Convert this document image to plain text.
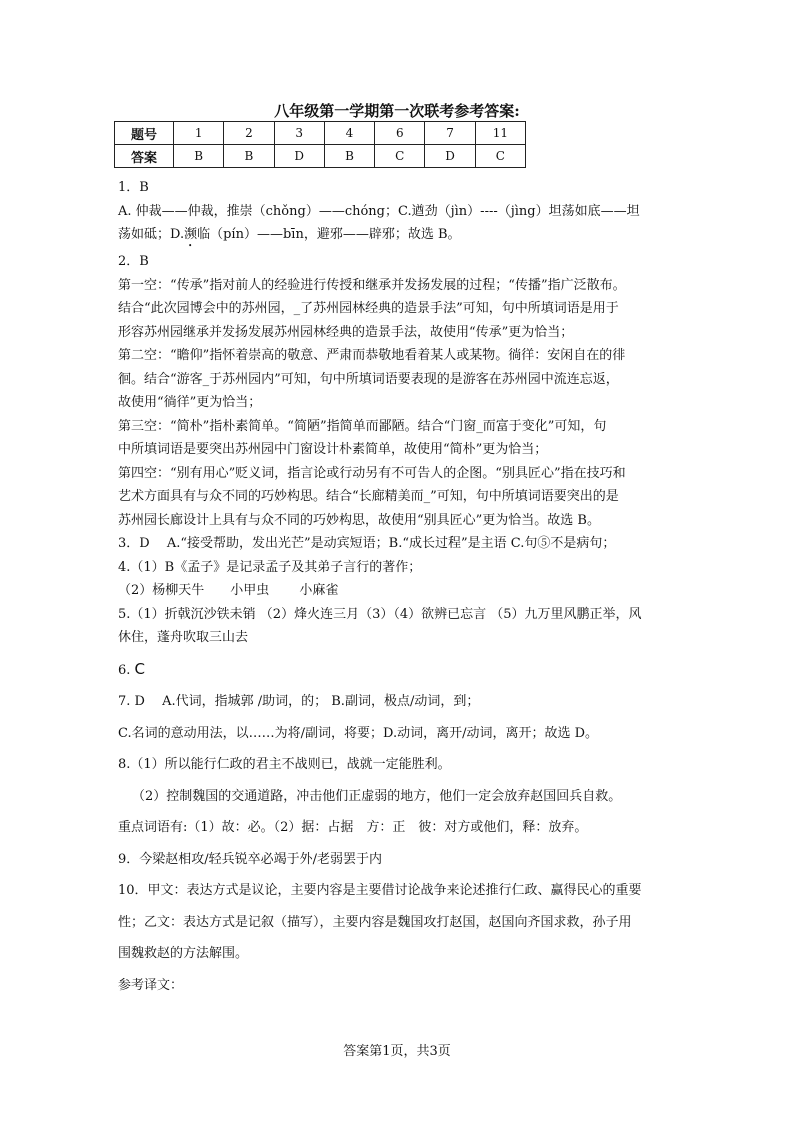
八年级第一学期第一次联考参考答案:
题号	1	2	3	4	6	7	11
答案	B	B	D	B	C	D	C

1．B

A. 仲裁——仲裁，推崇（chǒng）——chóng；C.遒劲（jìn）----（jìng）坦荡如底——坦

荡如砥；D.濒临（pín）——bīn，避邪——辟邪；故选 B。

2．B

第一空：“传承”指对前人的经验进行传授和继承并发扬发展的过程；“传播”指广泛散布。

结合“此次园博会中的苏州园，_了苏州园林经典的造景手法”可知，句中所填词语是用于

形容苏州园继承并发扬发展苏州园林经典的造景手法，故使用“传承”更为恰当；

第二空：“瞻仰”指怀着崇高的敬意、严肃而恭敬地看着某人或某物。徜徉：安闲自在的徘

徊。结合“游客_于苏州园内”可知，句中所填词语要表现的是游客在苏州园中流连忘返，

故使用“徜徉”更为恰当；

第三空：“简朴”指朴素简单。“简陋”指简单而鄙陋。结合“门窗_而富于变化”可知，句

中所填词语是要突出苏州园中门窗设计朴素简单，故使用“简朴”更为恰当；

第四空：“别有用心”贬义词，指言论或行动另有不可告人的企图。“别具匠心”指在技巧和

艺术方面具有与众不同的巧妙构思。结合“长廊精美而_”可知，句中所填词语要突出的是

苏州园长廊设计上具有与众不同的巧妙构思，故使用“别具匠心”更为恰当。故选 B。

3．D　 A.“接受帮助，发出光芒”是动宾短语；B.“成长过程”是主语 C.句⑤不是病句；

4.（1）B《孟子》是记录孟子及其弟子言行的著作；

（2）杨柳天牛　　小甲虫　　 小麻雀

5.（1）折戟沉沙铁未销 （2）烽火连三月（3）（4）欲辨已忘言 （5）九万里风鹏正举，风

休住，蓬舟吹取三山去

6. C

7. D　 A.代词，指城郭 /助词，的； B.副词，极点/动词，到；

C.名词的意动用法，以……为将/副词，将要；D.动词，离开/动词，离开；故选 D。

8.（1）所以能行仁政的君主不战则已，战就一定能胜利。

（2）控制魏国的交通道路，冲击他们正虚弱的地方，他们一定会放弃赵国回兵自救。

重点词语有:（1）故：必。（2）据：占据　方：正　彼：对方或他们，释：放弃。

9．今梁赵相攻/轻兵锐卒必竭于外/老弱罢于内

10．甲文：表达方式是议论，主要内容是主要借讨论战争来论述推行仁政、赢得民心的重要

性；乙文：表达方式是记叙（描写），主要内容是魏国攻打赵国，赵国向齐国求救，孙子用

围魏救赵的方法解围。

参考译文：

答案第1页，共3页
